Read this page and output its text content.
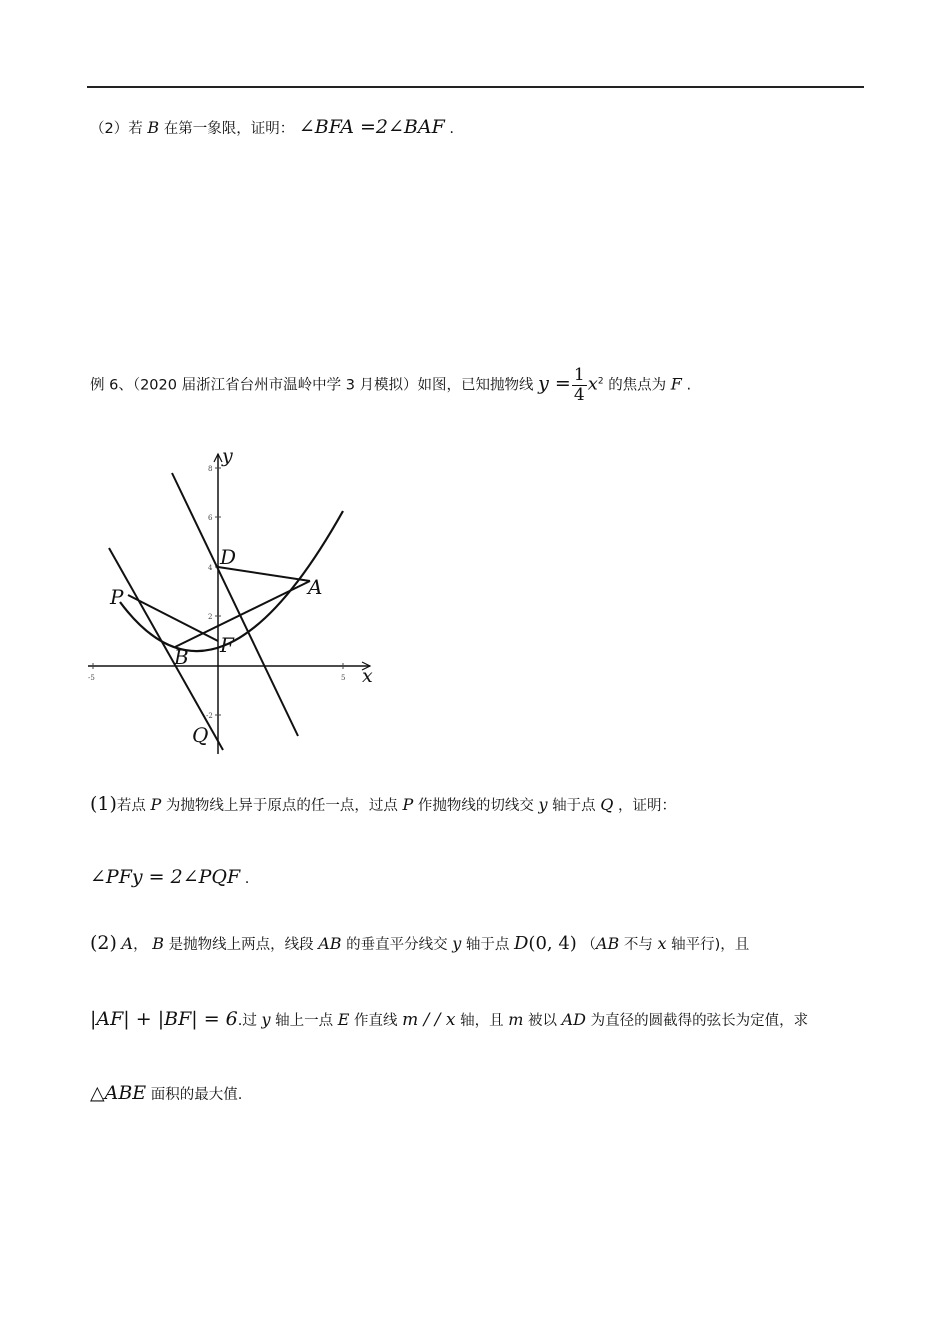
（2）若 B 在第一象限，证明： ∠BFA =2∠BAF .
例 6、（2020 届浙江省台州市温岭中学 3 月模拟）如图，已知抛物线 $y = \frac{1}{4} x^2$ 的焦点为 F .
x
y
-5	5
8
6
4
2
-2
D
A
P
F
B
Q
(1)若点 P 为抛物线上异于原点的任一点，过点 P 作抛物线的切线交 y 轴于点 Q ，证明：
∠PFy = 2∠PQF .
(2) A， B 是抛物线上两点，线段 AB 的垂直平分线交 y 轴于点 D(0, 4) （AB 不与 x 轴平行)，且
|AF| + |BF| = 6.过 y 轴上一点 E 作直线 m / / x 轴，且 m 被以 AD 为直径的圆截得的弦长为定值，求
△ABE 面积的最大值.
